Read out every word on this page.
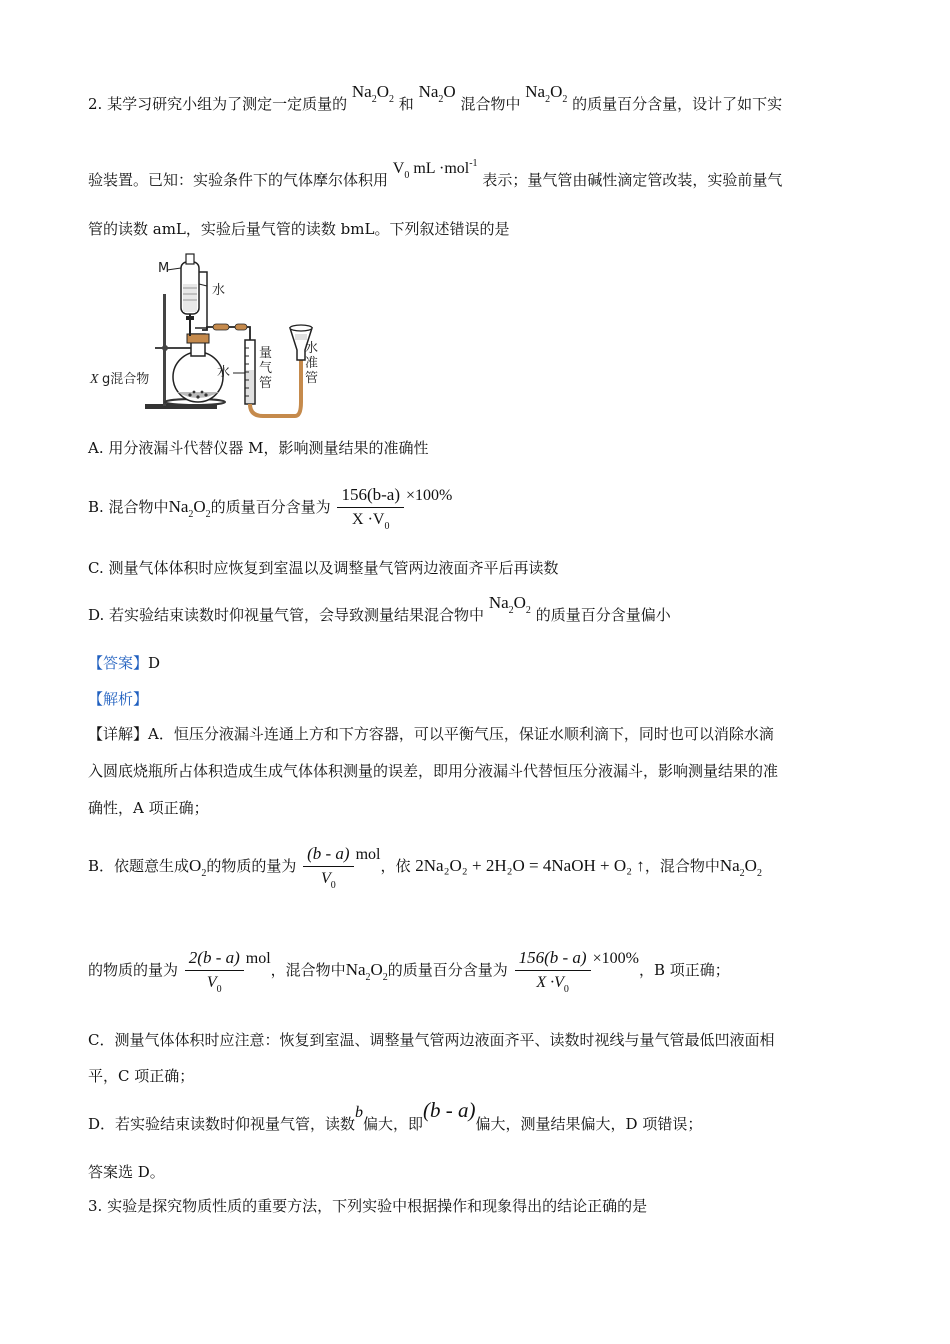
2. 某学习研究小组为了测定一定质量的 $Na_2O_2$ 和 $Na_2O$ 混合物中 $Na_2O_2$ 的质量百分含量，设计了如下实
验装置。已知：实验条件下的气体摩尔体积用 $V_0$ mL ·mol$^{-1}$ 表示；量气管由碱性滴定管改装，实验前量气
管的读数 amL，实验后量气管的读数 bmL。下列叙述错误的是
M
水
水
量
气
管
水
准
管
X g混合物
A. 用分液漏斗代替仪器 M，影响测量结果的准确性
B. 混合物中$Na_2O_2$的质量百分含量为 $\frac{156(b-a)}{X \cdot V_0} \times 100\%$
C. 测量气体体积时应恢复到室温以及调整量气管两边液面齐平后再读数
D. 若实验结束读数时仰视量气管，会导致测量结果混合物中 $Na_2O_2$ 的质量百分含量偏小
【答案】D
【解析】
【详解】A．恒压分液漏斗连通上方和下方容器，可以平衡气压，保证水顺利滴下，同时也可以消除水滴
入圆底烧瓶所占体积造成生成气体体积测量的误差，即用分液漏斗代替恒压分液漏斗，影响测量结果的准
确性，A 项正确；
B．依题意生成$O_2$的物质的量为 $\frac{(b - a)}{V_0}$ mol，依 2Na₂O₂ + 2H₂O = 4NaOH + O₂ ↑，混合物中$Na_2O_2$
的物质的量为 $\frac{2(b - a)}{V_0}$ mol，混合物中$Na_2O_2$的质量百分含量为 $\frac{156(b - a)}{X \cdot V_0} \times 100\%$，B 项正确；
C．测量气体体积时应注意：恢复到室温、调整量气管两边液面齐平、读数时视线与量气管最低凹液面相
平，C 项正确；
D．若实验结束读数时仰视量气管，读数b偏大，即(b - a)偏大，测量结果偏大，D 项错误；
答案选 D。
3. 实验是探究物质性质的重要方法，下列实验中根据操作和现象得出的结论正确的是
